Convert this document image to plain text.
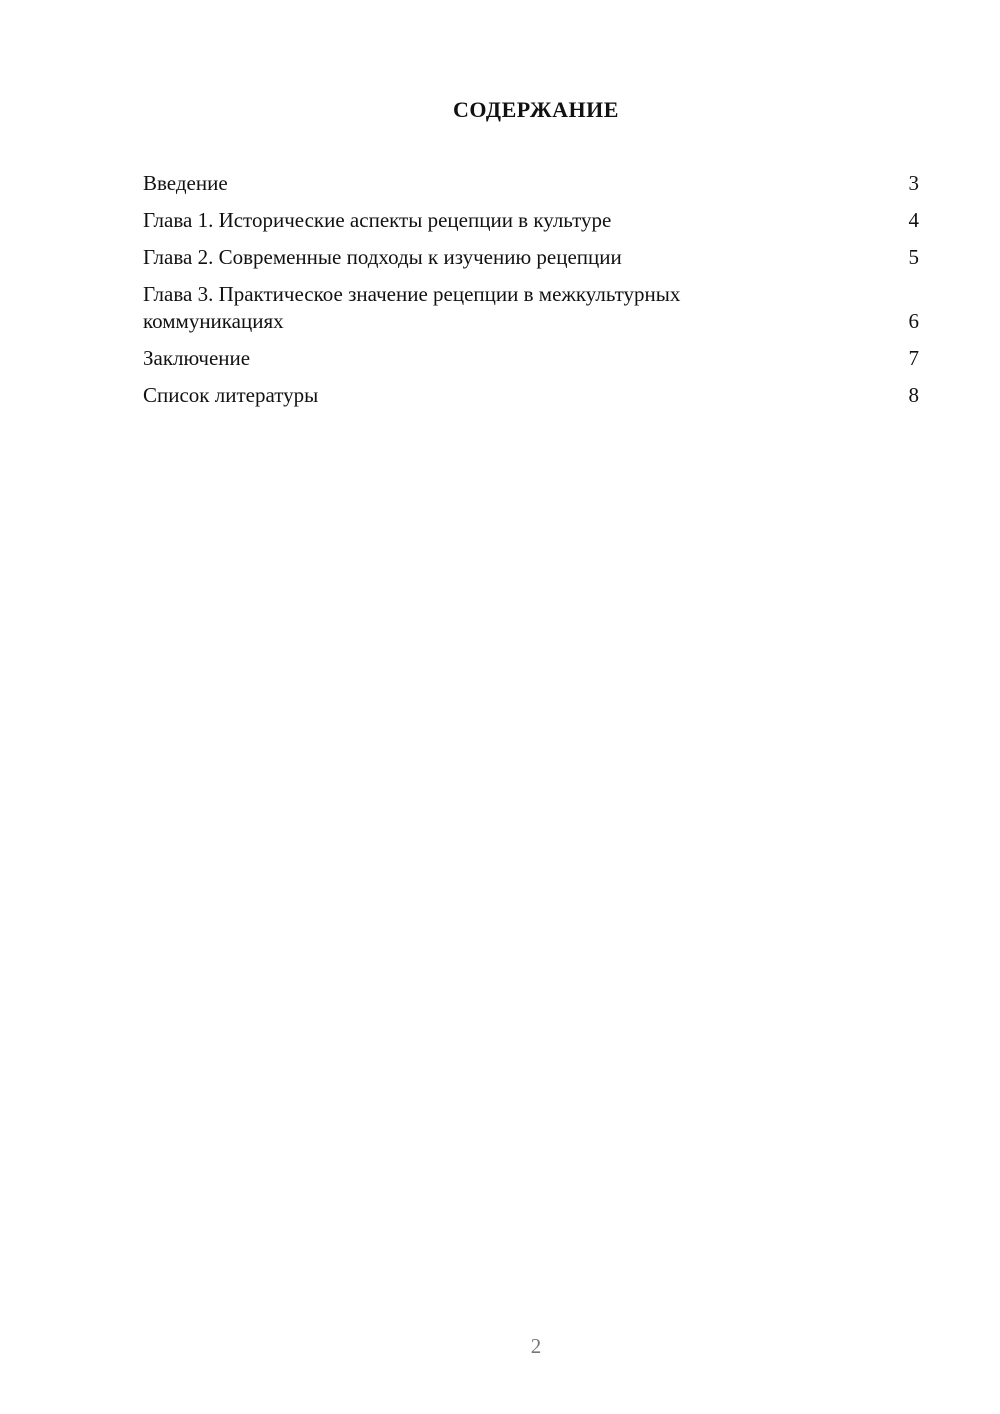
СОДЕРЖАНИЕ
Введение	3
Глава 1. Исторические аспекты рецепции в культуре	4
Глава 2. Современные подходы к изучению рецепции	5
Глава 3. Практическое значение рецепции в межкультурных коммуникациях	6
Заключение	7
Список литературы	8
2
